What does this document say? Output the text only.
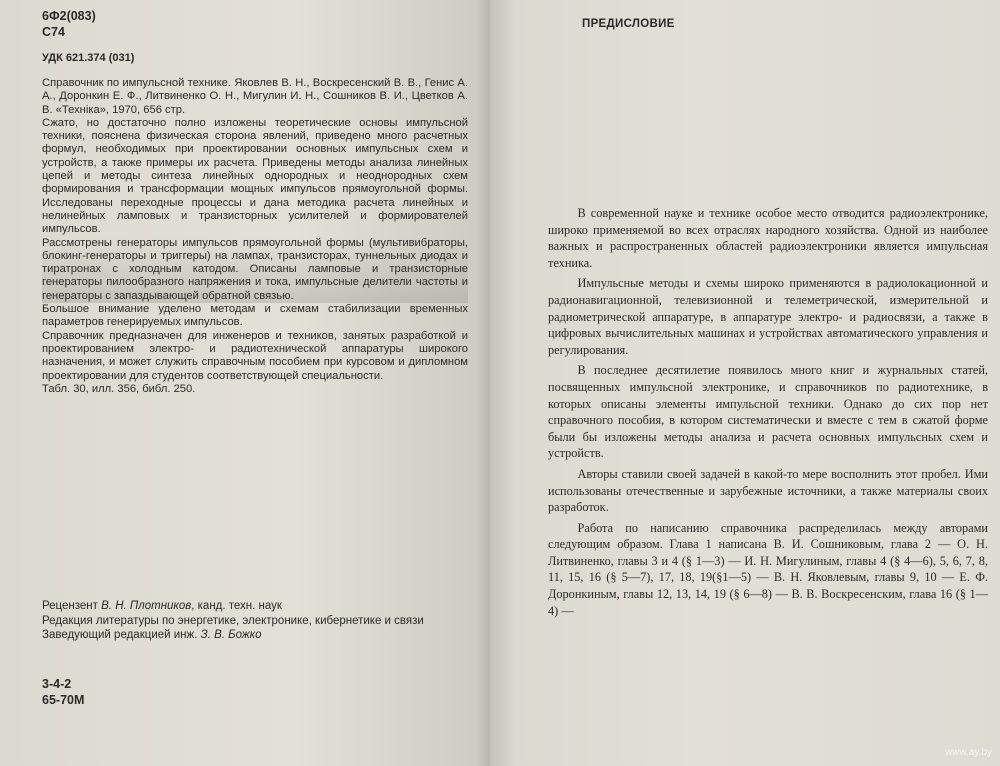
6Ф2(083)

С74

УДК 621.374 (031)

Справочник по импульсной технике. Яковлев В. Н., Воскресенский В. В., Генис А. А., Доронкин Е. Ф., Литвиненко О. Н., Мигулин И. Н., Сошников В. И., Цветков А. В. «Техніка», 1970, 656 стр.

Сжато, но достаточно полно изложены теоретические основы импульсной техники, пояснена физическая сторона явлений, приведено много расчетных формул, необходимых при проектировании основных импульсных схем и устройств, а также примеры их расчета. Приведены методы анализа линейных цепей и методы синтеза линейных однородных и неоднородных схем формирования и трансформации мощных импульсов прямоугольной формы. Исследованы переходные процессы и дана методика расчета линейных и нелинейных ламповых и транзисторных усилителей и формирователей импульсов.

Рассмотрены генераторы импульсов прямоугольной формы (мультивибраторы, блокинг-генераторы и триггеры) на лампах, транзисторах, туннельных диодах и тиратронах с холодным катодом. Описаны ламповые и транзисторные генераторы пилообразного напряжения и тока, импульсные делители частоты и генераторы с запаздывающей обратной связью.

Большое внимание уделено методам и схемам стабилизации временных параметров генерируемых импульсов.

Справочник предназначен для инженеров и техников, занятых разработкой и проектированием электро- и радиотехнической аппаратуры широкого назначения, и может служить справочным пособием при курсовом и дипломном проектировании для студентов соответствующей специальности.

Табл. 30, илл. 356, библ. 250.

Рецензент В. Н. Плотников, канд. техн. наук

Редакция литературы по энергетике, электронике, кибернетике и связи

Заведующий редакцией инж. З. В. Божко

3-4-2

65-70М

ПРЕДИСЛОВИЕ

В современной науке и технике особое место отводится радиоэлектронике, широко применяемой во всех отраслях народного хозяйства. Одной из наиболее важных и распространенных областей радиоэлектроники является импульсная техника.

Импульсные методы и схемы широко применяются в радиолокационной и радионавигационной, телевизионной и телеметрической, измерительной и радиометрической аппаратуре, в аппаратуре электро- и радиосвязи, а также в цифровых вычислительных машинах и устройствах автоматического управления и регулирования.

В последнее десятилетие появилось много книг и журнальных статей, посвященных импульсной электронике, и справочников по радиотехнике, в которых описаны элементы импульсной техники. Однако до сих пор нет справочного пособия, в котором систематически и вместе с тем в сжатой форме были бы изложены методы анализа и расчета основных импульсных схем и устройств.

Авторы ставили своей задачей в какой-то мере восполнить этот пробел. Ими использованы отечественные и зарубежные источники, а также материалы своих разработок.

Работа по написанию справочника распределилась между авторами следующим образом. Глава 1 написана В. И. Сошниковым, глава 2 — О. Н. Литвиненко, главы 3 и 4 (§ 1—3) — И. Н. Мигулиным, главы 4 (§ 4—6), 5, 6, 7, 8, 11, 15, 16 (§ 5—7), 17, 18, 19(§1—5) — В. Н. Яковлевым, главы 9, 10 — Е. Ф. Доронкиным, главы 12, 13, 14, 19 (§ 6—8) — В. В. Воскресенским, глава 16 (§ 1—4) —

www.ay.by
